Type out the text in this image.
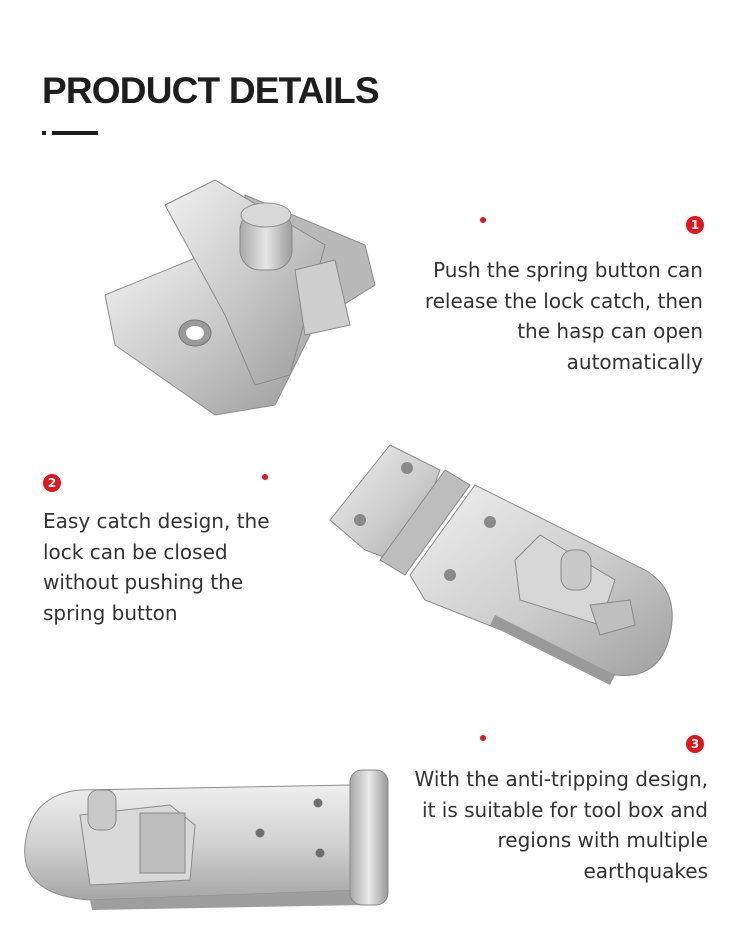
PRODUCT DETAILS
1
Push the spring button can
release the lock catch, then
the hasp can open
automatically
2
Easy catch design, the
lock can be closed
without pushing the
spring button
3
With the anti-tripping design,
it is suitable for tool box and
regions with multiple
earthquakes
